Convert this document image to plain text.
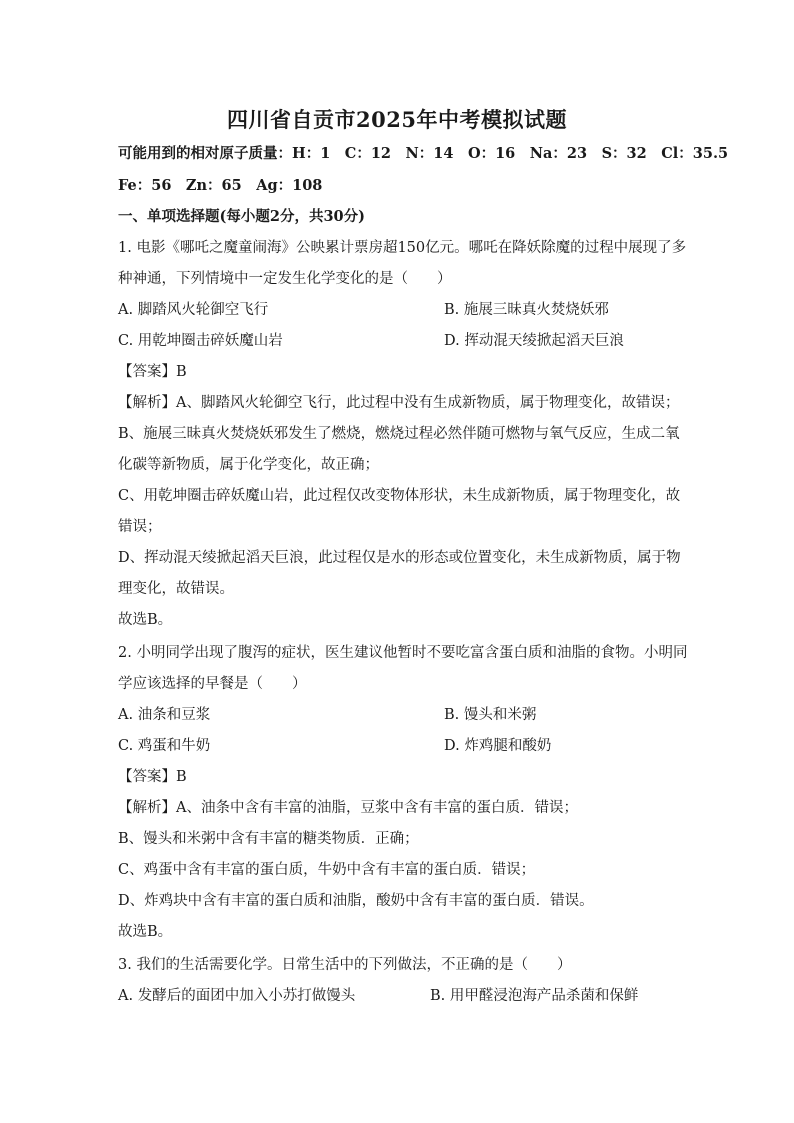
四川省自贡市2025年中考模拟试题
可能用到的相对原子质量：H：1　C：12　N：14　O：16　Na：23　S：32　Cl：35.5
Fe：56　Zn：65　Ag：108
一、单项选择题(每小题2分，共30分)
1. 电影《哪吒之魔童闹海》公映累计票房超150亿元。哪吒在降妖除魔的过程中展现了多
种神通，下列情境中一定发生化学变化的是（　　）
A. 脚踏风火轮御空飞行	B. 施展三昧真火焚烧妖邪
C. 用乾坤圈击碎妖魔山岩	D. 挥动混天绫掀起滔天巨浪
【答案】B
【解析】A、脚踏风火轮御空飞行，此过程中没有生成新物质，属于物理变化，故错误；
B、施展三昧真火焚烧妖邪发生了燃烧，燃烧过程必然伴随可燃物与氧气反应，生成二氧
化碳等新物质，属于化学变化，故正确；
C、用乾坤圈击碎妖魔山岩，此过程仅改变物体形状，未生成新物质，属于物理变化，故
错误；
D、挥动混天绫掀起滔天巨浪，此过程仅是水的形态或位置变化，未生成新物质，属于物
理变化，故错误。
故选B。
2. 小明同学出现了腹泻的症状，医生建议他暂时不要吃富含蛋白质和油脂的食物。小明同
学应该选择的早餐是（　　）
A. 油条和豆浆	B. 馒头和米粥
C. 鸡蛋和牛奶	D. 炸鸡腿和酸奶
【答案】B
【解析】A、油条中含有丰富的油脂，豆浆中含有丰富的蛋白质．错误；
B、馒头和米粥中含有丰富的糖类物质．正确；
C、鸡蛋中含有丰富的蛋白质，牛奶中含有丰富的蛋白质．错误；
D、炸鸡块中含有丰富的蛋白质和油脂，酸奶中含有丰富的蛋白质．错误。
故选B。
3. 我们的生活需要化学。日常生活中的下列做法，不正确的是（　　）
A. 发酵后的面团中加入小苏打做馒头	B. 用甲醛浸泡海产品杀菌和保鲜
